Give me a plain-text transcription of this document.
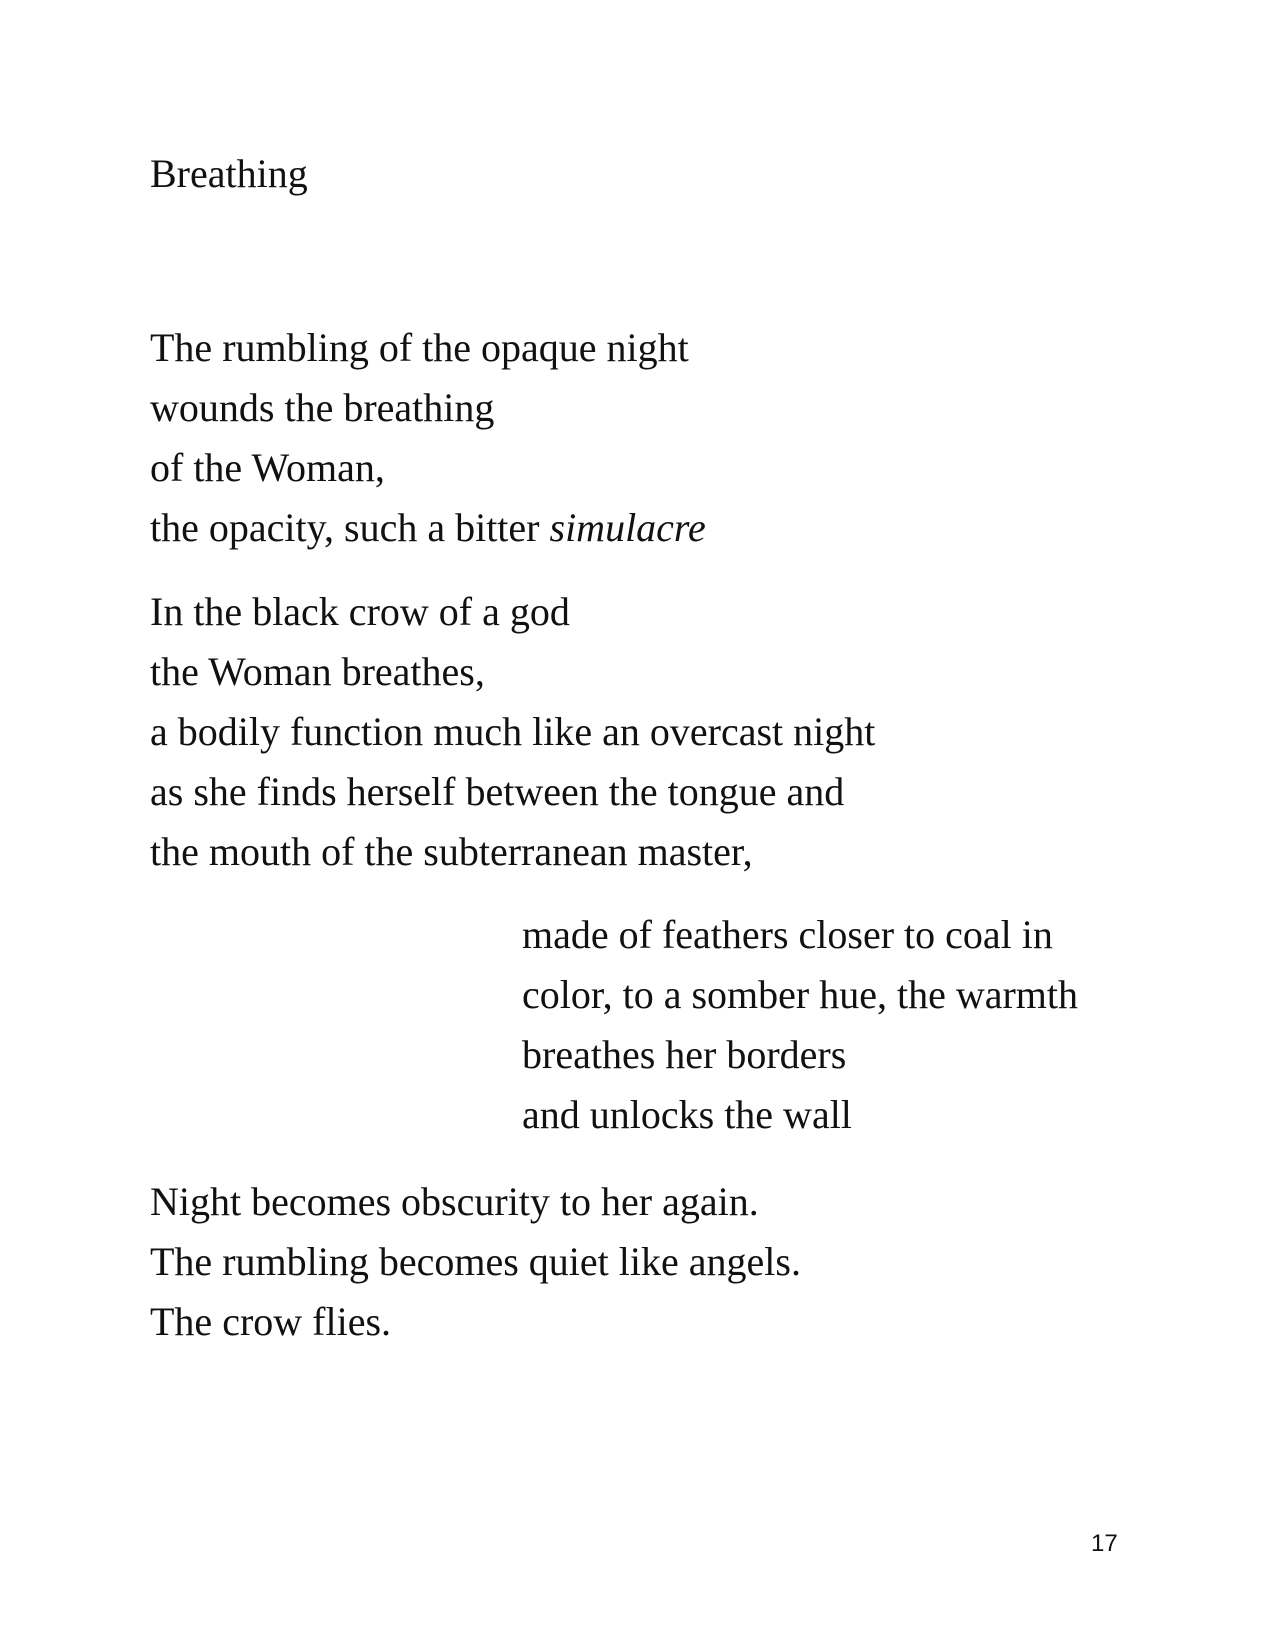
Breathing

The rumbling of the opaque night
wounds the breathing
of the Woman,
the opacity, such a bitter simulacre

In the black crow of a god
the Woman breathes,
a bodily function much like an overcast night
as she finds herself between the tongue and
the mouth of the subterranean master,

made of feathers closer to coal in
color, to a somber hue, the warmth
breathes her borders
and unlocks the wall

Night becomes obscurity to her again.
The rumbling becomes quiet like angels.
The crow flies.

17
